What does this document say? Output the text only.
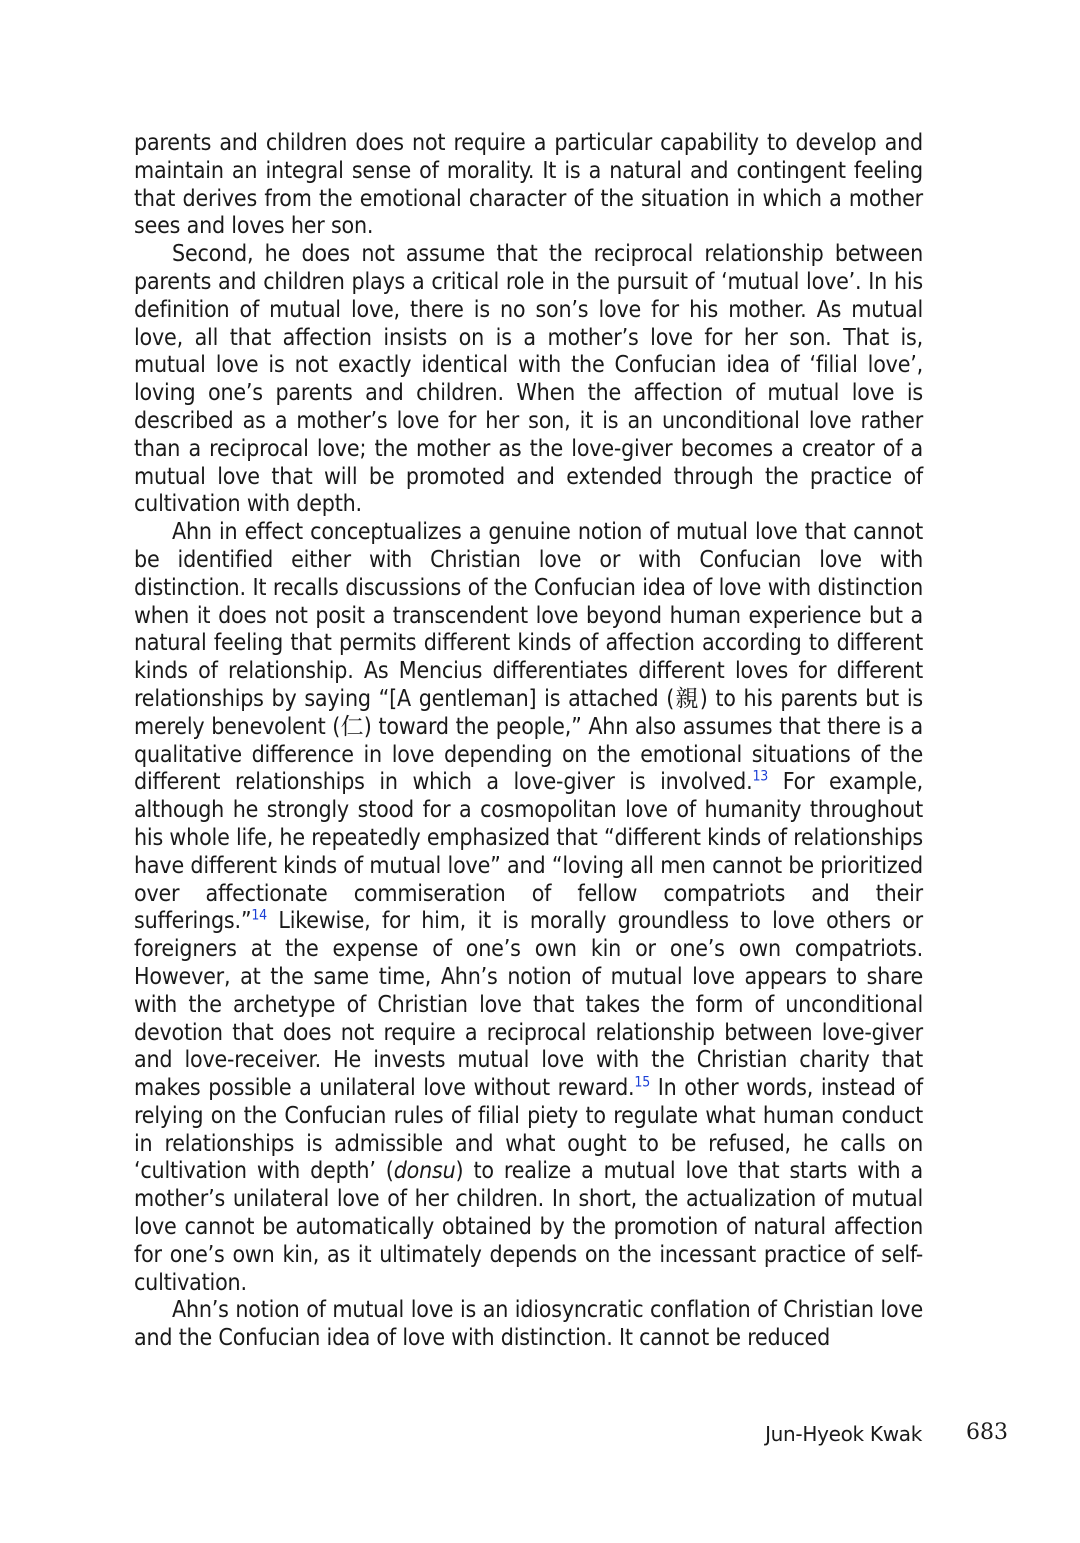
parents and children does not require a particular capability to develop and maintain an integral sense of morality. It is a natural and contingent feeling that derives from the emotional character of the situation in which a mother sees and loves her son.

Second, he does not assume that the reciprocal relationship between parents and children plays a critical role in the pursuit of ‘mutual love’. In his definition of mutual love, there is no son’s love for his mother. As mutual love, all that affection insists on is a mother’s love for her son. That is, mutual love is not exactly identical with the Confucian idea of ‘filial love’, loving one’s parents and children. When the affection of mutual love is described as a mother’s love for her son, it is an unconditional love rather than a reciprocal love; the mother as the love-giver becomes a creator of a mutual love that will be promoted and extended through the practice of cultivation with depth.

Ahn in effect conceptualizes a genuine notion of mutual love that cannot be identified either with Christian love or with Confucian love with distinction. It recalls discussions of the Confucian idea of love with distinction when it does not posit a transcendent love beyond human experience but a natural feeling that permits different kinds of affection according to different kinds of relationship. As Mencius differentiates different loves for different relationships by saying “[A gentleman] is attached (親) to his parents but is merely benevolent (仁) toward the people,” Ahn also assumes that there is a qualitative difference in love depending on the emotional situations of the different relationships in which a love-giver is involved.$^{13}$ For example, although he strongly stood for a cosmopolitan love of humanity throughout his whole life, he repeatedly emphasized that “different kinds of relationships have different kinds of mutual love” and “loving all men cannot be prioritized over affectionate commiseration of fellow compatriots and their sufferings.”$^{14}$ Likewise, for him, it is morally groundless to love others or foreigners at the expense of one’s own kin or one’s own compatriots. However, at the same time, Ahn’s notion of mutual love appears to share with the archetype of Christian love that takes the form of unconditional devotion that does not require a reciprocal relationship between love-giver and love-receiver. He invests mutual love with the Christian charity that makes possible a unilateral love without reward.$^{15}$ In other words, instead of relying on the Confucian rules of filial piety to regulate what human conduct in relationships is admissible and what ought to be refused, he calls on ‘cultivation with depth’ (donsu) to realize a mutual love that starts with a mother’s unilateral love of her children. In short, the actualization of mutual love cannot be automatically obtained by the promotion of natural affection for one’s own kin, as it ultimately depends on the incessant practice of self-cultivation.

Ahn’s notion of mutual love is an idiosyncratic conflation of Christian love and the Confucian idea of love with distinction. It cannot be reduced

Jun-Hyeok Kwak 683
